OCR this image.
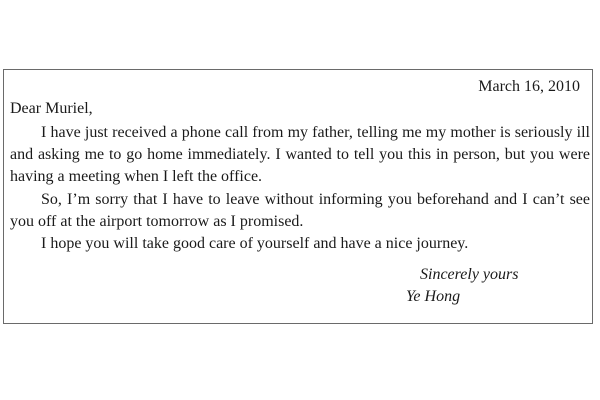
March 16, 2010
Dear Muriel,

I have just received a phone call from my father, telling me my mother is seriously ill and asking me to go home immediately. I wanted to tell you this in person, but you were having a meeting when I left the office.

So, I’m sorry that I have to leave without informing you beforehand and I can’t see you off at the airport tomorrow as I promised.

I hope you will take good care of yourself and have a nice journey.

Sincerely yours
Ye Hong
